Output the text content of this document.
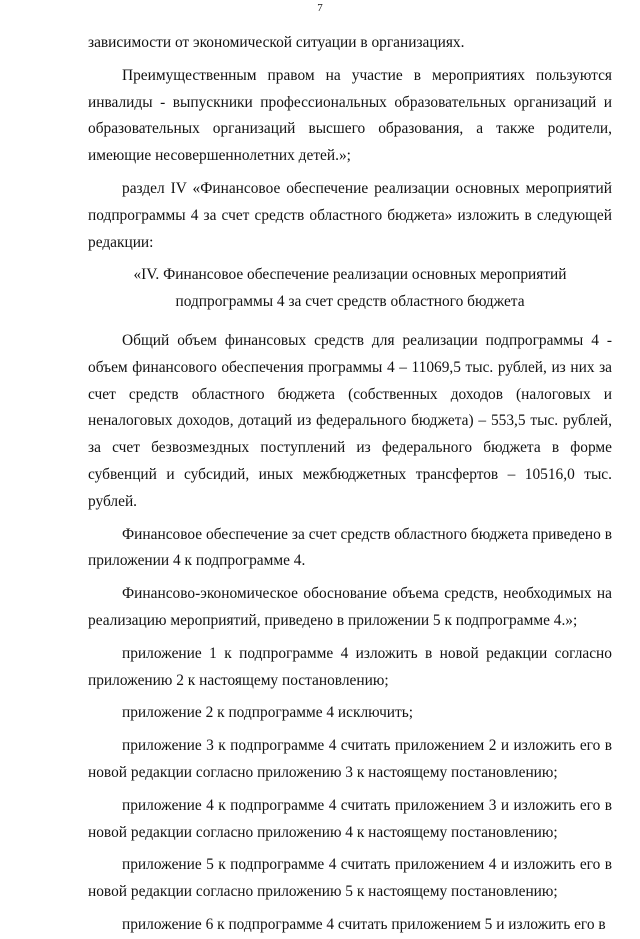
7

зависимости от экономической ситуации в организациях.

Преимущественным правом на участие в мероприятиях пользуются инвалиды - выпускники профессиональных образовательных организаций и образовательных организаций высшего образования, а также родители, имеющие несовершеннолетних детей.»;

раздел IV «Финансовое обеспечение реализации основных мероприятий подпрограммы 4 за счет средств областного бюджета» изложить в следующей редакции:

«IV. Финансовое обеспечение реализации основных мероприятий
подпрограммы 4 за счет средств областного бюджета

Общий объем финансовых средств для реализации подпрограммы 4 - объем финансового обеспечения программы 4 – 11069,5 тыс. рублей, из них за счет средств областного бюджета (собственных доходов (налоговых и неналоговых доходов, дотаций из федерального бюджета) – 553,5 тыс. рублей, за счет безвозмездных поступлений из федерального бюджета в форме субвенций и субсидий, иных межбюджетных трансфертов – 10516,0 тыс. рублей.

Финансовое обеспечение за счет средств областного бюджета приведено в приложении 4 к подпрограмме 4.

Финансово-экономическое обоснование объема средств, необходимых на реализацию мероприятий, приведено в приложении 5 к подпрограмме 4.»;

приложение 1 к подпрограмме 4 изложить в новой редакции согласно приложению 2 к настоящему постановлению;

приложение 2 к подпрограмме 4 исключить;

приложение 3 к подпрограмме 4 считать приложением 2 и изложить его в новой редакции согласно приложению 3 к настоящему постановлению;

приложение 4 к подпрограмме 4 считать приложением 3 и изложить его в новой редакции согласно приложению 4 к настоящему постановлению;

приложение 5 к подпрограмме 4 считать приложением 4 и изложить его в новой редакции согласно приложению 5 к настоящему постановлению;

приложение 6 к подпрограмме 4 считать приложением 5 и изложить его в
